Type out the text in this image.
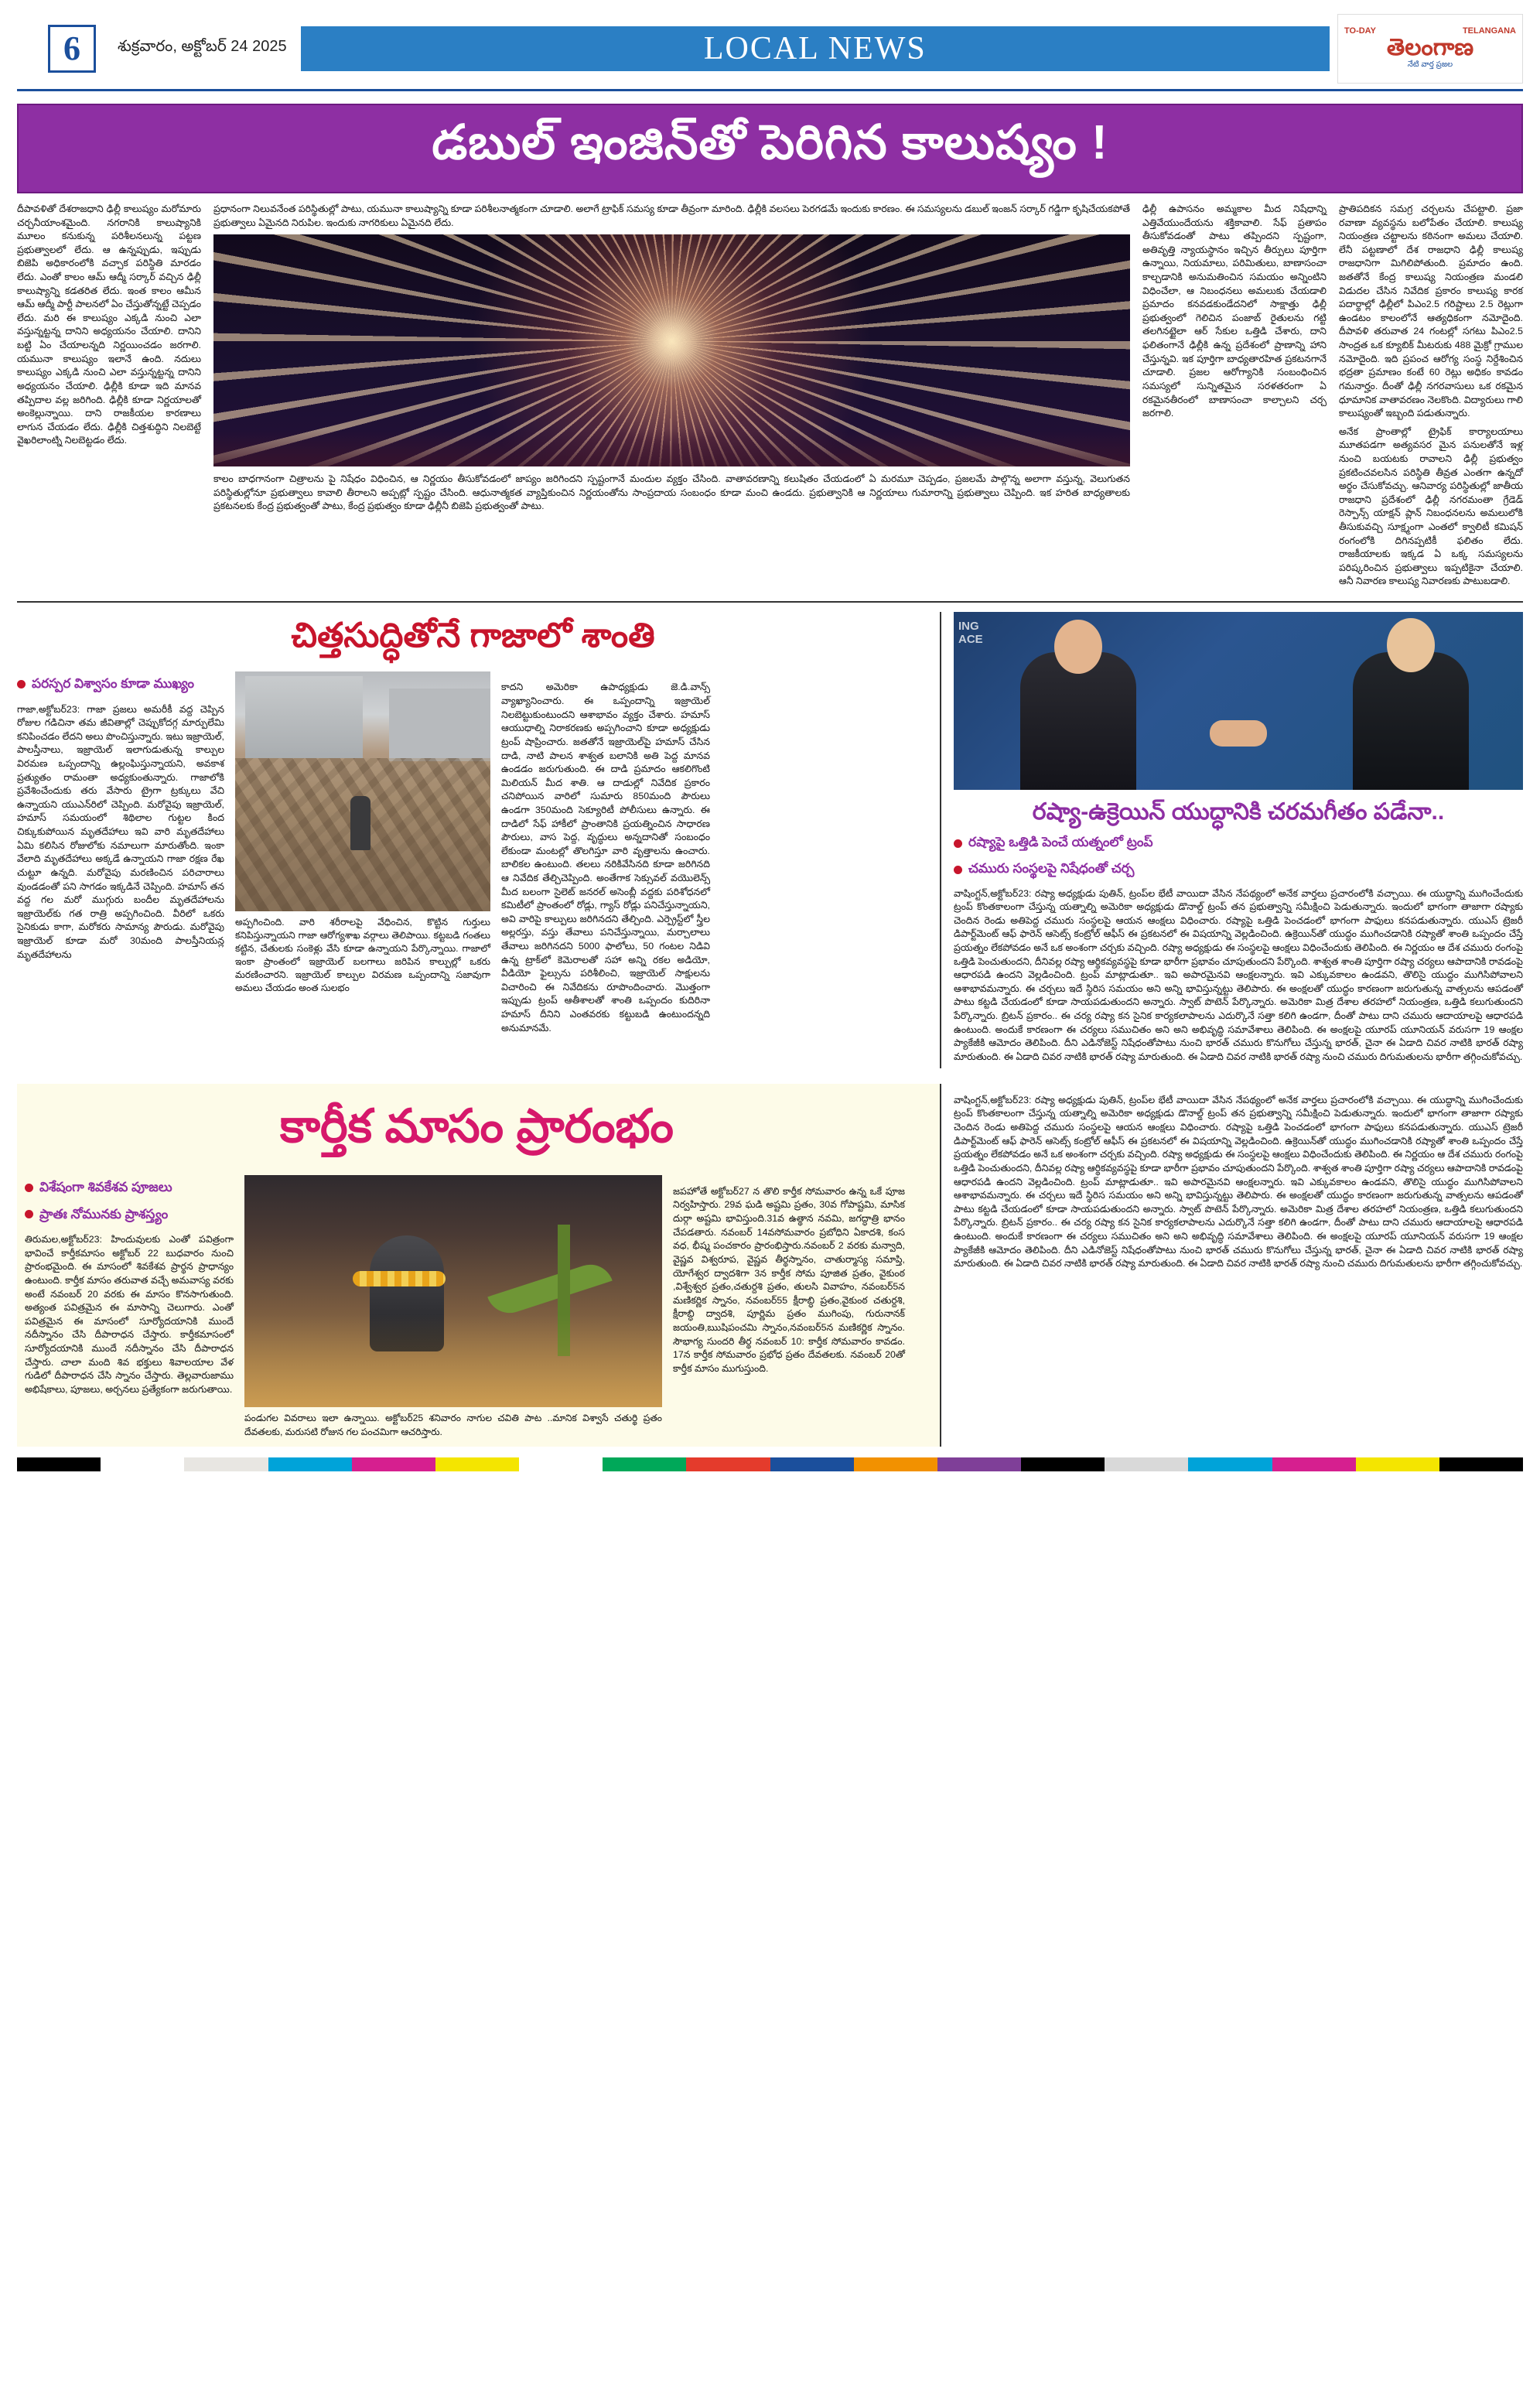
6	శుక్రవారం, అక్టోబర్ 24 2025	LOCAL NEWS	TO-DAY	TELANGANA
తెలంగాణ
నేటి వార్త ప్రజల
డబుల్ ఇంజిన్‌తో పెరిగిన కాలుష్యం !

దీపావళితో దేశరాజధాని ఢిల్లీ కాలుష్యం మరోమారు చర్చనీయాంశమైంది. నగరానికి కాలుష్యానికి మూలం కనుకున్న పరిశీలనలున్న పట్టణ ప్రభుత్వాలలో లేదు. ఆ ఉన్నప్పుడు, ఇప్పుడు బిజెపి అధికారంలోకి వచ్చాక పరిస్థితి మారడం లేదు. ఎంతో కాలం ఆమ్ ఆద్మీ సర్కార్ వచ్చిన ఢిల్లీ కాలుష్యాన్ని కడతరిత లేదు. ఇంత కాలం ఆమీన ఆమ్ ఆద్మీ పార్టీ పాలనలో ఏం చేస్తుతోన్నట్టే చెప్పడం లేదు. మరి ఈ కాలుష్యం ఎక్కడి నుంచి ఎలా వస్తున్నట్టన్న దానిని అధ్యయనం చేయాలి. దానిని బట్టి ఏం చేయాలన్నది నిర్ణయించడం జరగాలి. యమునా కాలుష్యం ఇలానే ఉంది. నదులు కాలుష్యం ఎక్కడి నుంచి ఎలా వస్తున్నట్టన్న దానిని అధ్యయనం చేయాలి. ఢిల్లీకి కూడా ఇది మానవ తప్పిదాల వల్ల జరిగింది. ఢిల్లీకి కూడా నిర్ణయాలతో అంకెల్లున్నాయి. దాని రాజకీయల కారణాలు లాగున చేయడం లేదు. ఢిల్లీకి చిత్తశుద్ధిని నిలబెట్టే వైఖరిలాంట్ని నిలబెట్టడం లేదు.

ప్రధానంగా నిలువనేంత పరిస్థితుల్లో పాటు, యమునా కాలుష్యాన్ని కూడా పరిశీలనాత్మకంగా చూడాలి. అలాగే ట్రాఫిక్ సమస్య కూడా తీవ్రంగా మారింది. ఢిల్లీకి వలసలు పెరగడమే ఇందుకు కారణం. ఈ సమస్యలను డబుల్ ఇంజన్ సర్కార్ గడ్డిగా కృషిచేయకపోతే ప్రభుత్వాలు ఏమైనది నిరుపిల. ఇందుకు నాగరికులు ఏమైనది లేదు.

కాలం బాధగానంగా చిత్రాలను పై నిషేధం విధించిన, ఆ నిర్ణయం తీసుకోవడంలో జాప్యం జరిగిందని స్పష్టంగానే మందుల వ్యక్తం చేసింది. వాతావరణాన్ని కలుషితం చేయడంలో ఏ మరమూ చెప్పడం, ప్రజలమే పాల్గొన్న అలాగా వస్తున్న, వెలుగుతన పరిస్థితుల్లోనూ ప్రభుత్వాలు కావాలి తీరాలని అప్పట్లో స్పష్టం చేసింది. ఆధునాత్మకత వ్యాప్తికుంచిన నిర్ణయంతోను సాంప్రదాయ సంబంధం కూడా మంచి ఉండదు. ప్రభుత్వానికి ఆ నిర్ణయాలు గుమారాన్ని ప్రభుత్వాలు చెప్పింది. ఇక హరిత బాధ్యతాలకు ప్రకటనలకు కేంద్ర ప్రభుత్వంతో పాటు, కేంద్ర ప్రభుత్వం కూడా ఢిల్లీనీ బిజెపి ప్రభుత్వంతో పాటు.

ఢిల్లీ ఉపాసనం అమ్మకాల మీద నిషేధాన్ని ఎత్తివేయుందేయను శక్తికావాలి. సేఫ్ ప్రతాపం తీసుకోవడంతో పాటు తప్పిందని స్పష్టంగా, అతివృత్తి న్యాయస్థానం ఇచ్చిన తీర్పులు పూర్తిగా ఉన్నాయి, నియమాలు, పరిమితులు, బాణాసంచా కాల్చడానికి అనుమతించిన సమయం అన్నింటిని విధించేలా, ఆ నిబంధనలు అమలుకు చేయడాలి ప్రమాదం కనవడకుండేదనిలో సాక్షాత్తు ఢిల్లీ ప్రభుత్వంలో గెలిచిన పంజాబ్ రైతులను గట్టి తలగినట్టైలా ఆర్ సేకుల ఒత్తిడి చేశారు, దాని ఫలితంగానే ఢిల్లీకి ఉన్న ప్రదేశంలో ప్రాణాన్ని హాని చేస్తున్నవి. ఇక పూర్తిగా బాధ్యతారహిత ప్రకటనగానే చూడాలి. ప్రజల ఆరోగ్యానికి సంబంధించిన సమస్యలో సున్నితమైన సరళతరంగా ఏ రకమైనతీరంలో బాణాసంచా కాల్చాలని చర్చ జరగాలి.

ప్రాతిపదికన సమగ్ర చర్చలను చేపట్టాలి. ప్రజా రవాణా వ్యవస్థను బలోపేతం చేయాలి. కాలుష్య నియంత్రణ చట్టాలను కఠినంగా అమలు చేయాలి. లేనీ పట్టణాలో దేశ రాజధాని ఢిల్లీ కాలుష్య రాజధానిగా మిగిలిపోతుంది. ప్రమాదం ఉంది. జతతోనే కేంద్ర కాలుష్య నియంత్రణ మండలి విడుదల చేసిన నివేదిక ప్రకారం కాలుష్య కారక పదార్థాల్లో ఢిల్లీలో పిఎం2.5 గరిష్టాలు 2.5 రెట్లుగా ఉండటం కాలంలోనే ఆత్యధికంగా నమోదైంది. దీపావళి తరువాత 24 గంటల్లో సగటు పిఎం2.5 సాంద్రత ఒక క్యూబిక్ మీటరుకు 488 మైక్రో గ్రాముల నమోదైంది. ఇది ప్రపంచ ఆరోగ్య సంస్థ నిర్దేశించిన భద్రతా ప్రమాణం కంటే 60 రెట్లు అధికం కావడం గమనార్హం. దీంతో ఢిల్లీ నగరవాసులు ఒక రకమైన ధూమానిక వాతావరణం నెలకొంది. విద్యారులు గాలి కాలుష్యంతో ఇబ్బంది పడుతున్నారు.

అనేక ప్రాంతాల్లో ట్రైఫిక్ కార్యాలయాలు మూతపడగా అత్యవసర మైన పనులతోనే ఇళ్ల నుంచి బయటకు రావాలని ఢిల్లీ ప్రభుత్వం ప్రకటించవలసిన పరిస్థితి తీవ్రత ఎంతగా ఉన్నదో అర్థం చేసుకోవచ్చు. ఆనివార్య పరిస్థితుల్లో జాతీయ రాజధాని ప్రదేశంలో ఢిల్లీ నగరమంతా గ్రేడెడ్ రెస్పాన్స్ యాక్షన్ ప్లాన్ నిబంధనలను అమలులోకి తీసుకువచ్చి సూక్ష్మంగా ఎంతలో క్వాలిటీ కమిషన్ రంగంలోకి దిగినప్పటికీ ఫలితం లేదు. రాజకీయాలకు ఇక్కడ ఏ ఒక్క సమస్యలను పరిష్కరించిన ప్రభుత్వాలు ఇప్పటికైనా చేయాలి. ఆనీ నివారణ కాలుష్య నివారణకు పాటుబడాలి.

చిత్తసుద్ధితోనే గాజాలో శాంతి
పరస్పర విశ్వాసం కూడా ముఖ్యం

గాజా,అక్టోబర్23: గాజా ప్రజలు అమరీకీ వద్ద చెప్పిన రోజుల గడిచినా తమ జీవితాల్లో చెప్పుకోదగ్గ మార్పులేమి కనిపించడం లేదని అలు పొంచిస్తున్నారు. ఇటు ఇజ్రాయెల్, పాలస్తీనాలు, ఇజ్రాయెల్ ఇలాగుడుతున్న కాల్పుల విరమణ ఒప్పందాన్ని ఉల్లంఘిస్తున్నాయని, అవకాశ ప్రత్యుతం రామంతా అధ్యకుంతున్నారు. గాజాలోకి ప్రవేశించేందుకు తరు వేసారు ట్రైగా ట్రక్కులు వేచి ఉన్నాయని యుఎన్‌రిలో చెప్పింది. మరోవైపు ఇజ్రాయెల్, హమాస్ సమయంలో శిథిలాల గుట్టల కింద చిక్కుకుపోయిన మృతదేహాలు ఇవి వారి మృతదేహాలు ఏమి కలిసిన రోజులోకు నమాలుగా మారుతోంది. ఇంకా వేలాది మృతదేహాలు అక్కడే ఉన్నాయని గాజా రక్షణ రేఖ చుట్టూ ఉన్నది. మరోవైపు మరణించిన పరిచారాలు వుండడంతో పని సాగడం ఇక్కడినే చెప్పింది. హమాస్ తన వద్ద గల మరో ముగ్గురు బందీల మృతదేహాలను ఇజ్రాయెల్‌కు గత రాత్రి అప్పగించింది. వీరిలో ఒకరు సైనికుడు కాగా, మరోకరు సామాన్య పౌరుడు. మరోవైపు ఇజ్రాయెల్ కూడా మరో 30మంది పాలస్తీనియన్ల మృతదేహాలను

అప్పగించింది. వారి శరీరాలపై వేధించిన, కొట్టిన గుర్తులు కనిపిస్తున్నాయని గాజా ఆరోగ్యశాఖ వర్గాలు తెలిపాయి. కట్టబడి గంతలు కట్టిన, చేతులకు సంకెళ్లు వేసి కూడా ఉన్నాయని పేర్కొన్నాయి. గాజాలో ఇంకా ప్రాంతంలో ఇజ్రాయెల్ బలగాలు జరిపిన కాల్పుల్లో ఒకరు మరణించారని. ఇజ్రాయెల్ కాల్పుల విరమణ ఒప్పందాన్ని సజావుగా అమలు చేయడం అంత సులభం

కాదని అమెరికా ఉపాధ్యక్షుడు జె.డి.వాన్స్ వ్యాఖ్యానించారు. ఈ ఒప్పందాన్ని ఇజ్రాయెల్ నిలబెట్టుకుంటుందని ఆశాభావం వ్యక్తం చేశారు. హమాస్ ఆయుధాల్ని నిరాకరణకు అప్పగించాని కూడా అధ్యక్షుడు ట్రంప్ షాప్రించారు. జతతోనే ఇజ్రాయెల్‌పై హమాస్ చేసిన దాడి, నాటి పాలన శాశ్వత బలానికి అతి పెద్ద మానవ ఉండడం జరుగుతుంది. ఈ దాడి ప్రమాదం ఆకలిగొంటి మిలియన్ మీద శాతి. ఆ దాడుల్లో నివేదిక ప్రకారం చనిపోయిన వారిలో సుమారు 850మంది పౌరులు ఉండగా 350మంది సెక్యూరిటీ పోలీసులు ఉన్నారు. ఈ దాడిలో సేఫ్ హాకీలో ప్రాంతానికి ప్రయత్నించిన సాధారణ పౌరులు, వాస పెద్ద, వృద్ధులు అన్నదానితో సంబంధం లేకుండా మంటల్లో తొలగిస్తూ వారి వృత్తాలను ఉంచారు. బాలికల ఉంటుంది. తలలు నరికివేసినది కూడా జరిగినది ఆ నివేదిక తేల్చిచెప్పింది. అంతేగాక సెక్సువల్ వయొలెన్స్ మీద బలంగా సైలెట్ జనరల్ అసెంబ్లీ వద్దకు పరిశోధనలో కమిటీలో ప్రాంతంలో రోడ్లు, గ్యాస్ రోడ్లు పనిచేస్తున్నాయని, అవి వారిపై కాల్పులు జరిగినదని తేల్చింది. ఎర్ప్రెస్ట్‌లో స్త్రీల అల్లరస్తు, వస్తు తేవాలు పనిచేస్తున్నాయి, మర్చాలాలు తేవాలు జరిగినదని 5000 ఫాలోలు, 50 గంటల నిడివి ఉన్న ట్రాక్‌లో కెమెరాలతో సహా అన్ని రకల అడియో, వీడియో ఫైల్సును పరిశీలించి, ఇజ్రాయెల్ సాక్షులను విచారించి ఈ నివేదికను రూపొందించారు. మొత్తంగా ఇప్పుడు ట్రంప్ ఆతీశాలతో శాంతి ఒప్పందం కుదిరినా హమాస్ దీనిని ఎంతవరకు కట్టుబడి ఉంటుందన్నది అనుమానమే.

ING
ACE
రష్యా-ఉక్రెయిన్ యుద్ధానికి చరమగీతం పడేనా..
రష్యాపై ఒత్తిడి పెంచే యత్నంలో ట్రంప్
చమురు సంస్థలపై నిషేధంతో చర్చ

వాషింగ్టన్,అక్టోబర్23: రష్యా అధ్యక్షుడు పుతిన్, ట్రంప్‌ల భేటీ వాయిదా వేసిన నేపథ్యంలో అనేక వార్తలు ప్రచారంలోకి వచ్చాయి. ఈ యుద్ధాన్ని ముగించేందుకు ట్రంప్ కొంతకాలంగా చేస్తున్న యత్నాల్ని అమెరికా అధ్యక్షుడు డొనాల్డ్ ట్రంప్ తన ప్రభుత్వాన్ని సమీక్షించి పెడుతున్నారు. ఇందులో భాగంగా తాజాగా రష్యాకు చెందిన రెండు అతిపెద్ద చమురు సంస్థలపై ఆయన ఆంక్షలు విధించారు. రష్యాపై ఒత్తిడి పెంచడంలో భాగంగా పాఫులు కనపడుతున్నారు. యుఎస్ ట్రెజరీ డిపార్ట్‌మెంట్ ఆఫ్ ఫారెన్ ఆసెట్స్ కంట్రోల్ ఆఫీస్ ఈ ప్రకటనలో ఈ విషయాన్ని వెల్లడించింది. ఉక్రెయిన్‌తో యుద్ధం ముగించడానికి రష్యాతో శాంతి ఒప్పందం చేస్తే ప్రయత్నం లేకపోవడం అనే ఒక అంశంగా చర్చకు వచ్చింది. రష్యా అధ్యక్షుడు ఈ సంస్థలపై ఆంక్షలు విధించేందుకు తెలిపింది. ఈ నిర్ణయం ఆ దేశ చమురు రంగంపై ఒత్తిడి పెంచుతుందని, దీనివల్ల రష్యా ఆర్థికవ్యవస్థపై కూడా భారీగా ప్రభావం చూపుతుందని పేర్కొంది. శాశ్వత శాంతి పూర్తిగా రష్యా చర్యలు ఆపాదానికి రావడంపై ఆధారపడి ఉందని వెల్లడించింది. ట్రంప్ మాట్లాడుతూ.. ఇవి అపారమైనవి ఆంక్షలన్నారు. ఇవి ఎక్కువకాలం ఉండవని, తొలిసై యుద్ధం ముగిసిపోవాలని ఆశాభావమన్నారు. ఈ చర్చలు ఇదే స్థిరిస సమయం అని అన్ని భావిస్తున్నట్టు తెలిపారు. ఈ అంక్షలతో యుద్ధం కారణంగా జరుగుతున్న వాత్సలను ఆపడంతో పాటు కట్టడి చేయడంలో కూడా సాయపడుతుందని అన్నారు. స్వాట్ పొటెన్ పేర్కొన్నారు. అమెరికా మిత్ర దేశాల తరహలో నియంత్రణ, ఒత్తిడి కలుగుతుందని పేర్కొన్నారు. బ్రిటన్ ప్రకారం.. ఈ చర్య రష్యా కన సైనిక కార్యకలాపాలను ఎదుర్కొనే సత్తా కలిగి ఉండగా, దీంతో పాటు దాని చమురు ఆదాయాలపై ఆధారపడి ఉంటుంది. అందుకే కారణంగా ఈ చర్యలు సముచితం అని అని అభివృద్ధి సమావేశాలు తెలిపింది. ఈ అంక్షలపై యూరప్ యూనియన్ వరుసగా 19 ఆంక్షల ప్యాకేజీకి ఆమోదం తెలిపింది. దీని ఎడినోజెస్ట్ నిషేధంతోపాటు నుంచి భారత్ చమురు కొనుగోలు చేస్తున్న భారత్, చైనా ఈ ఏడాది చివర నాటికి భారత్ రష్యా మారుతుంది. ఈ ఏడాది చివర నాటికి భారత్ రష్యా మారుతుంది. ఈ ఏడాది చివర నాటికి భారత్ రష్యా నుంచి చమురు దిగుమతులను భారీగా తగ్గించుకోవచ్చు.

కార్తీక మాసం ప్రారంభం
విశేషంగా శివకేశవ పూజలు
ప్రాతః నోమునకు ప్రాశస్త్యం

తిరుమల,అక్టోబర్23: హిందువులకు ఎంతో పవిత్రంగా భావించే కార్తీకమాసం అక్టోబర్ 22 బుధవారం నుంచి ప్రారంభమైంది. ఈ మాసంలో శివకేశవ ప్రార్థన ప్రాధాన్యం ఉంటుంది. కార్తీక మాసం తరువాత వచ్చే అమవాస్య వరకు అంటే నవంబర్ 20 వరకు ఈ మాసం కొనసాగుతుంది. అత్యంత పవిత్రమైన ఈ మాసాన్ని చెలుగారు. ఎంతో పవిత్రమైన ఈ మాసంలో సూర్యోదయానికి ముందే నదీస్నానం చేసి దీపారాధన చేస్తారు. కార్తీకమాసంలో సూర్యోదయానికి ముందే నదీస్నానం చేసి దీపారాధన చేస్తారు. చాలా మంది శివ భక్తులు శివాలయాల వేళ గుడిలో దీపారాధన చేసి స్నానం చేస్తారు. తెల్లవారుజాము అభిషేకాలు, పూజలు, అర్చనలు ప్రత్యేకంగా జరుగుతాయి.

పండుగల వివరాలు ఇలా ఉన్నాయి. అక్టోబర్25 శనివారం నాగుల చవితి పాట ..మానిక విశ్వాసే చతుర్థి ప్రతం దేవతలకు, మరుసటి రోజున గల పంచమిగా ఆచరిస్తారు.

జపహోతే అక్టోబర్27 న తొలి కార్తీక సోమవారం ఉన్న ఒకే పూజ నిర్వహిస్తారు. 29వ ఘడి అష్టమి ప్రతం, 30వ గోపాష్టమి, మాసిక దుర్గా అష్టమి భావిస్తుంది.31వ ఉత్థాన నవమి, జగద్ధాత్రి భానం చేపడతారు. నవంబర్ 14వసోమవారం ప్రబోధిని ఏకాదశి, కంస వధ, భీష్మ పంచకారం ప్రారంభిస్తారు.నవంబర్ 2 వరకు మన్వాది, వైష్ణవ విశ్వరూప, వైష్ణవ తీర్థస్నానం, చాతుర్మాస్య సమాప్తి, యోగేశ్వర ద్వాదశిగా 3న కార్తీక సోమ పూజిత ప్రతం, వైకుంఠ ,విశ్వేశ్వర ప్రతం,చతుర్దశి ప్రతం, తులసి వివాహం, నవంబర్5న మణికర్ణిక స్నానం, నవంబర్55 క్షీరాబ్ధి ప్రతం,వైకుంఠ చతుర్దశి, క్షీరాబ్ధి ద్వాదశి, పూర్ణిమ ప్రతం ముగింపు, గురునానక్ జయంతి,ఋషిపంచమి స్నానం,నవంబర్5న మణికర్ణిక స్నానం. సౌభాగ్య సుందరి తీర్థ నవంబర్ 10: కార్తీక సోమవారం కావడం. 17న కార్తీక సోమవారం ప్రభోధ ప్రతం దేవతలకు. నవంబర్ 20తో కార్తీక మాసం ముగుస్తుంది.

వాషింగ్టన్,అక్టోబర్23: రష్యా అధ్యక్షుడు పుతిన్, ట్రంప్‌ల భేటీ వాయిదా వేసిన నేపథ్యంలో అనేక వార్తలు ప్రచారంలోకి వచ్చాయి. ఈ యుద్ధాన్ని ముగించేందుకు ట్రంప్ కొంతకాలంగా చేస్తున్న యత్నాల్ని అమెరికా అధ్యక్షుడు డొనాల్డ్ ట్రంప్ తన ప్రభుత్వాన్ని సమీక్షించి పెడుతున్నారు. ఇందులో భాగంగా తాజాగా రష్యాకు చెందిన రెండు అతిపెద్ద చమురు సంస్థలపై ఆయన ఆంక్షలు విధించారు. రష్యాపై ఒత్తిడి పెంచడంలో భాగంగా పాఫులు కనపడుతున్నారు. యుఎస్ ట్రెజరీ డిపార్ట్‌మెంట్ ఆఫ్ ఫారెన్ ఆసెట్స్ కంట్రోల్ ఆఫీస్ ఈ ప్రకటనలో ఈ విషయాన్ని వెల్లడించింది. ఉక్రెయిన్‌తో యుద్ధం ముగించడానికి రష్యాతో శాంతి ఒప్పందం చేస్తే ప్రయత్నం లేకపోవడం అనే ఒక అంశంగా చర్చకు వచ్చింది. రష్యా అధ్యక్షుడు ఈ సంస్థలపై ఆంక్షలు విధించేందుకు తెలిపింది. ఈ నిర్ణయం ఆ దేశ చమురు రంగంపై ఒత్తిడి పెంచుతుందని, దీనివల్ల రష్యా ఆర్థికవ్యవస్థపై కూడా భారీగా ప్రభావం చూపుతుందని పేర్కొంది. శాశ్వత శాంతి పూర్తిగా రష్యా చర్యలు ఆపాదానికి రావడంపై ఆధారపడి ఉందని వెల్లడించింది. ట్రంప్ మాట్లాడుతూ.. ఇవి అపారమైనవి ఆంక్షలన్నారు. ఇవి ఎక్కువకాలం ఉండవని, తొలిసై యుద్ధం ముగిసిపోవాలని ఆశాభావమన్నారు. ఈ చర్చలు ఇదే స్థిరిస సమయం అని అన్ని భావిస్తున్నట్టు తెలిపారు. ఈ అంక్షలతో యుద్ధం కారణంగా జరుగుతున్న వాత్సలను ఆపడంతో పాటు కట్టడి చేయడంలో కూడా సాయపడుతుందని అన్నారు. స్వాట్ పొటెన్ పేర్కొన్నారు. అమెరికా మిత్ర దేశాల తరహలో నియంత్రణ, ఒత్తిడి కలుగుతుందని పేర్కొన్నారు. బ్రిటన్ ప్రకారం.. ఈ చర్య రష్యా కన సైనిక కార్యకలాపాలను ఎదుర్కొనే సత్తా కలిగి ఉండగా, దీంతో పాటు దాని చమురు ఆదాయాలపై ఆధారపడి ఉంటుంది. అందుకే కారణంగా ఈ చర్యలు సముచితం అని అని అభివృద్ధి సమావేశాలు తెలిపింది. ఈ అంక్షలపై యూరప్ యూనియన్ వరుసగా 19 ఆంక్షల ప్యాకేజీకి ఆమోదం తెలిపింది. దీని ఎడినోజెస్ట్ నిషేధంతోపాటు నుంచి భారత్ చమురు కొనుగోలు చేస్తున్న భారత్, చైనా ఈ ఏడాది చివర నాటికి భారత్ రష్యా మారుతుంది. ఈ ఏడాది చివర నాటికి భారత్ రష్యా మారుతుంది. ఈ ఏడాది చివర నాటికి భారత్ రష్యా నుంచి చమురు దిగుమతులను భారీగా తగ్గించుకోవచ్చు.
